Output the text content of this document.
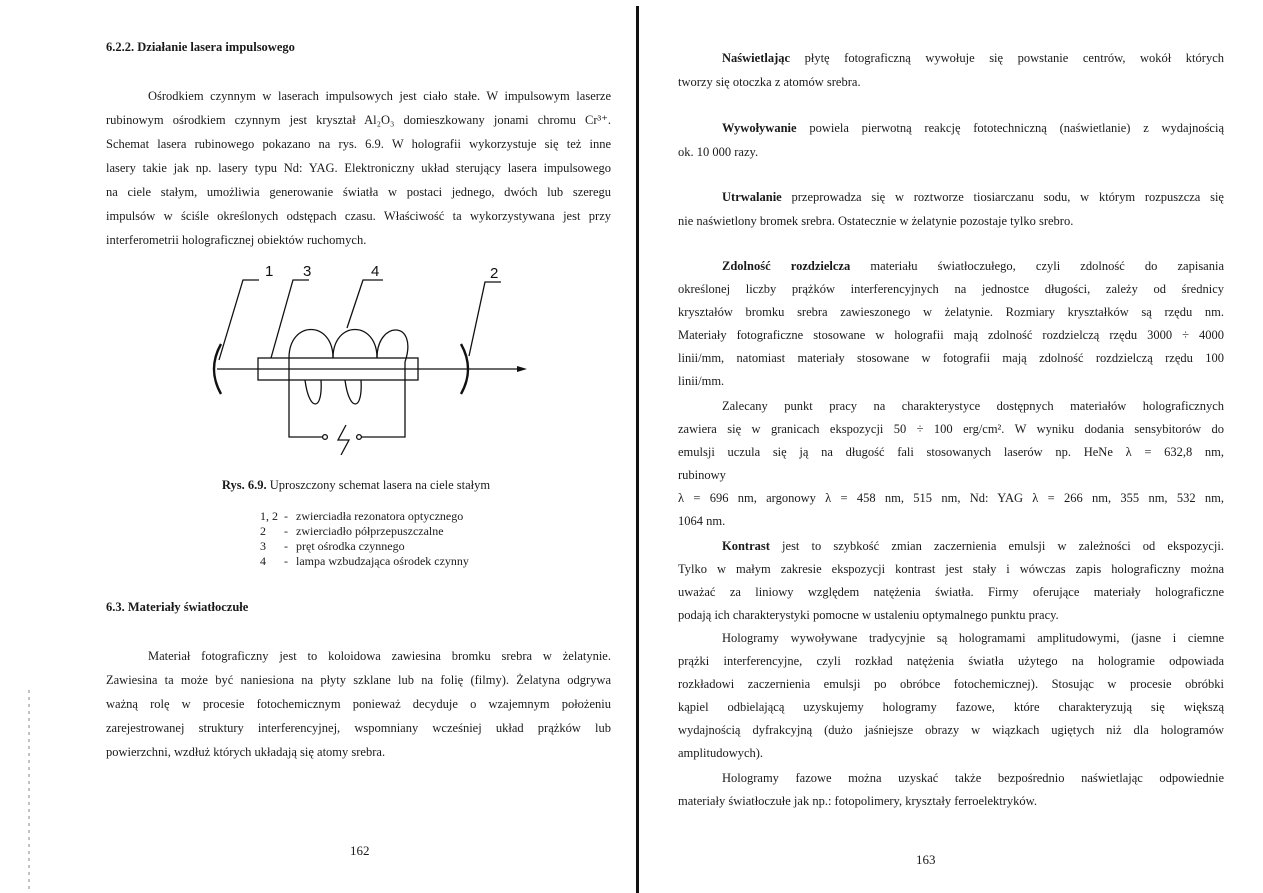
6.2.2. Działanie lasera impulsowego

Ośrodkiem czynnym w laserach impulsowych jest ciało stałe. W impulsowym laserze
rubinowym ośrodkiem czynnym jest kryształ Al₂O₃ domieszkowany jonami chromu Cr³⁺.
Schemat lasera rubinowego pokazano na rys. 6.9. W holografii wykorzystuje się też inne
lasery takie jak np. lasery typu Nd: YAG. Elektroniczny układ sterujący lasera impulsowego
na ciele stałym, umożliwia generowanie światła w postaci jednego, dwóch lub szeregu
impulsów w ściśle określonych odstępach czasu. Właściwość ta wykorzystywana jest przy
interferometrii holograficznej obiektów ruchomych.
1 3	4	2

Rys. 6.9. Uproszczony schemat lasera na ciele stałym

1, 2 - zwierciadła rezonatora optycznego
2	- zwierciadło półprzepuszczalne
3	- pręt ośrodka czynnego
4	- lampa wzbudzająca ośrodek czynny

6.3. Materiały światłoczułe

Materiał fotograficzny jest to koloidowa zawiesina bromku srebra w żelatynie.
Zawiesina ta może być naniesiona na płyty szklane lub na folię (filmy). Żelatyna odgrywa
ważną rolę w procesie fotochemicznym ponieważ decyduje o wzajemnym położeniu
zarejestrowanej struktury interferencyjnej, wspomniany wcześniej układ prążków lub
powierzchni, wzdłuż których układają się atomy srebra.

162

Naświetlając płytę fotograficzną wywołuje się powstanie centrów, wokół których
tworzy się otoczka z atomów srebra.
Wywoływanie powiela pierwotną reakcję fototechniczną (naświetlanie) z wydajnością
ok. 10 000 razy.
Utrwalanie przeprowadza się w roztworze tiosiarczanu sodu, w którym rozpuszcza się
nie naświetlony bromek srebra. Ostatecznie w żelatynie pozostaje tylko srebro.
Zdolność rozdzielcza materiału światłoczułego, czyli zdolność do zapisania
określonej liczby prążków interferencyjnych na jednostce długości, zależy od średnicy
kryształów bromku srebra zawieszonego w żelatynie. Rozmiary kryształków są rzędu nm.
Materiały fotograficzne stosowane w holografii mają zdolność rozdzielczą rzędu 3000 ÷ 4000
linii/mm, natomiast materiały stosowane w fotografii mają zdolność rozdzielczą rzędu 100
linii/mm.
Zalecany punkt pracy na charakterystyce dostępnych materiałów holograficznych
zawiera się w granicach ekspozycji 50 ÷ 100 erg/cm². W wyniku dodania sensybitorów do
emulsji uczula się ją na długość fali stosowanych laserów np. HeNe λ = 632,8 nm,
rubinowy
λ = 696 nm, argonowy λ = 458 nm, 515 nm, Nd: YAG λ = 266 nm, 355 nm, 532 nm,
1064 nm.
Kontrast jest to szybkość zmian zaczernienia emulsji w zależności od ekspozycji.
Tylko w małym zakresie ekspozycji kontrast jest stały i wówczas zapis holograficzny można
uważać za liniowy względem natężenia światła. Firmy oferujące materiały holograficzne
podają ich charakterystyki pomocne w ustaleniu optymalnego punktu pracy.
Hologramy wywoływane tradycyjnie są hologramami amplitudowymi, (jasne i ciemne
prążki interferencyjne, czyli rozkład natężenia światła użytego na hologramie odpowiada
rozkładowi zaczernienia emulsji po obróbce fotochemicznej). Stosując w procesie obróbki
kąpiel odbielającą uzyskujemy hologramy fazowe, które charakteryzują się większą
wydajnością dyfrakcyjną (dużo jaśniejsze obrazy w wiązkach ugiętych niż dla hologramów
amplitudowych).
Hologramy fazowe można uzyskać także bezpośrednio naświetlając odpowiednie
materiały światłoczułe jak np.: fotopolimery, kryształy ferroelektryków.

163
